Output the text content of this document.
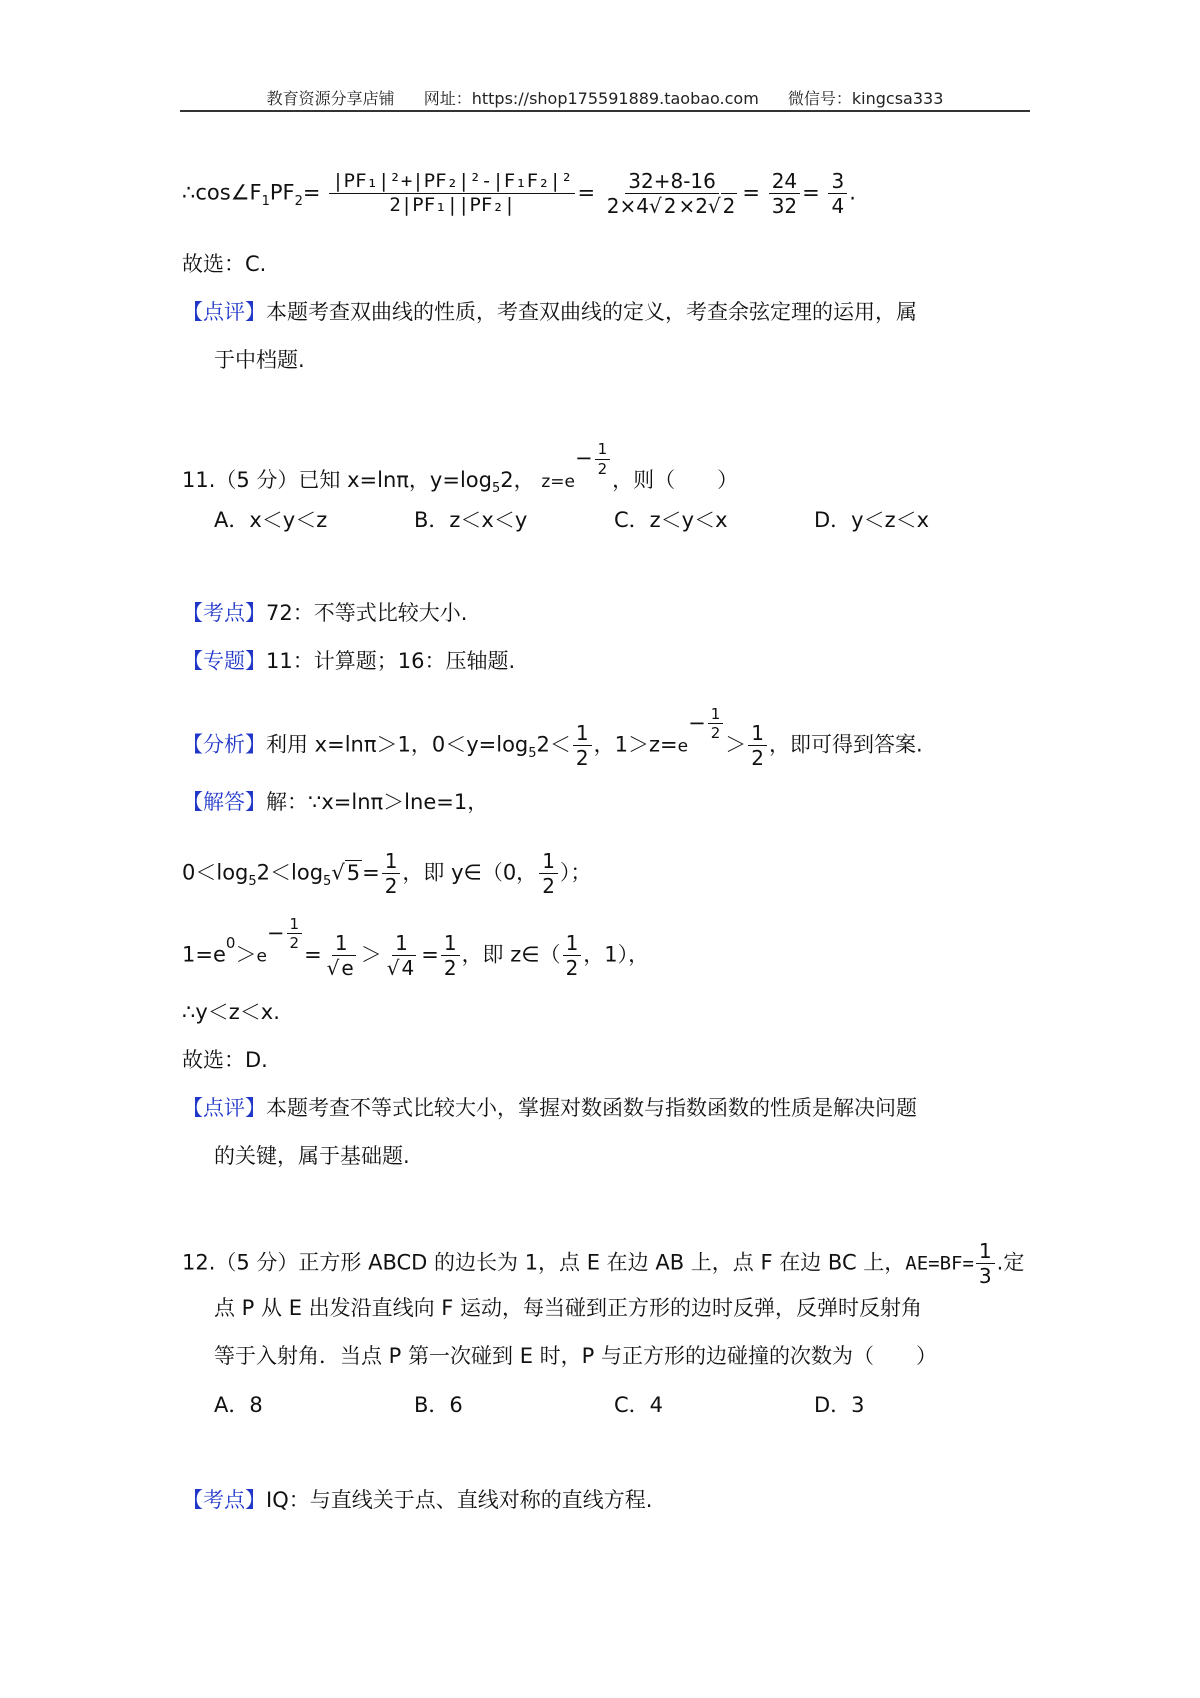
教育资源分享店铺 网址：https://shop175591889.taobao.com 微信号：kingcsa333
$\therefore\cos\angle F_1PF_2= \frac{\text{|PF₁|²+|PF₂|²-|F₁F₂|²}}{\text{2|PF₁||PF₂|}} = \frac{32+8-16}{2\times 4√ 2 \times 2√ 2} = \frac{24}{32} = \frac{3}{4}$ .
故选：C.
【点评】本题考查双曲线的性质，考查双曲线的定义，考查余弦定理的运用，属
于中档题.
11.（5 分）已知 x=lnπ，$y=\log_52$， $z=e- \frac{1}{2}$
，则（　　）
A．x＜y＜z	B．z＜x＜y	C．z＜y＜x	D．y＜z＜x
【考点】72：不等式比较大小.
【专题】11：计算题；16：压轴题.
【分析】利用 x=lnπ＞1，$0<y=\log_52< \frac{1}{2}$ ，$1>z=e- \frac{1}{2}$
＞ $\frac{1}{2}$ ，即可得到答案.
【解答】解：∵x=lnπ＞lne=1，
$0<\log_52<\log_5√5= \frac{1}{2}$ ，即 y∈（0， $\frac{1}{2}$ ）；
$1=e^0>e- \frac{1}{2}$
= $\frac{1}{√ e} > \frac{1}{√ 4} = \frac{1}{2}$ ，即 z∈（ $\frac{1}{2}$ ，1），
∴y＜z＜x.
故选：D.
【点评】本题考查不等式比较大小，掌握对数函数与指数函数的性质是解决问题
的关键，属于基础题.
12.（5 分）正方形 ABCD 的边长为 1，点 E 在边 AB 上，点 F 在边 BC 上，$AE=BF= \frac{1}{3}$ .定
点 P 从 E 出发沿直线向 F 运动，每当碰到正方形的边时反弹，反弹时反射角
等于入射角．当点 P 第一次碰到 E 时，P 与正方形的边碰撞的次数为（　　）
A．8	B．6	C．4	D．3
【考点】IQ：与直线关于点、直线对称的直线方程.
